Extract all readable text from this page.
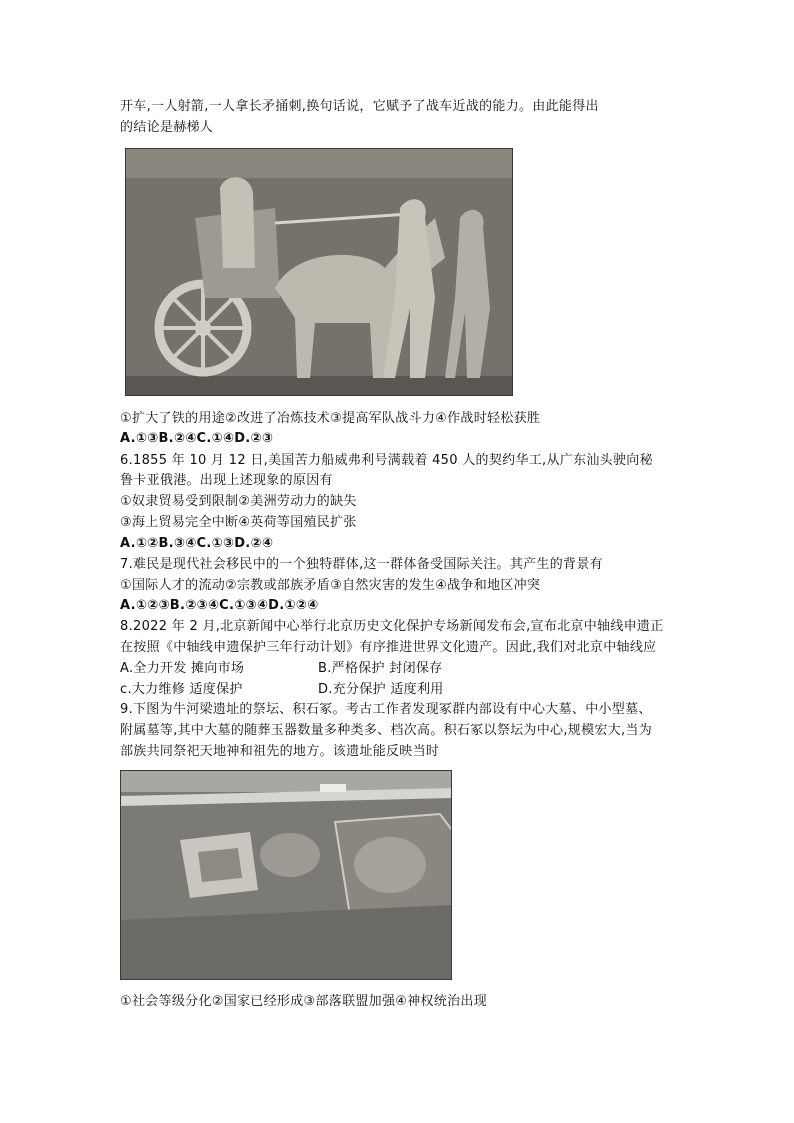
开车,一人射箭,一人拿长矛捅刺,换句话说，它赋予了战车近战的能力。由此能得出
的结论是赫梯人
①扩大了铁的用途②改进了冶炼技术③提高军队战斗力④作战时轻松获胜
A.①③B.②④C.①④D.②③
6.1855 年 10 月 12 日,美国苦力船威弗利号满载着 450 人的契约华工,从广东汕头驶向秘
鲁卡亚俄港。出现上述现象的原因有
①奴隶贸易受到限制②美洲劳动力的缺失
③海上贸易完全中断④英荷等国殖民扩张
A.①②B.③④C.①③D.②④
7.难民是现代社会移民中的一个独特群体,这一群体备受国际关注。其产生的背景有
①国际人才的流动②宗教或部族矛盾③自然灾害的发生④战争和地区冲突
A.①②③B.②③④C.①③④D.①②④
8.2022 年 2 月,北京新闻中心举行北京历史文化保护专场新闻发布会,宣布北京中轴线申遗正
在按照《中轴线申遗保护三年行动计划》有序推进世界文化遗产。因此,我们对北京中轴线应
A.全力开发 摊向市场	B.严格保护 封闭保存
c.大力维修 适度保护	D.充分保护 适度利用
9.下图为牛河梁遗址的祭坛、积石冢。考古工作者发现冢群内部设有中心大墓、中小型墓、
附属墓等,其中大墓的随葬玉器数量多种类多、档次高。积石冢以祭坛为中心,规模宏大,当为
部族共同祭祀天地神和祖先的地方。该遗址能反映当时
①社会等级分化②国家已经形成③部落联盟加强④神权统治出现
